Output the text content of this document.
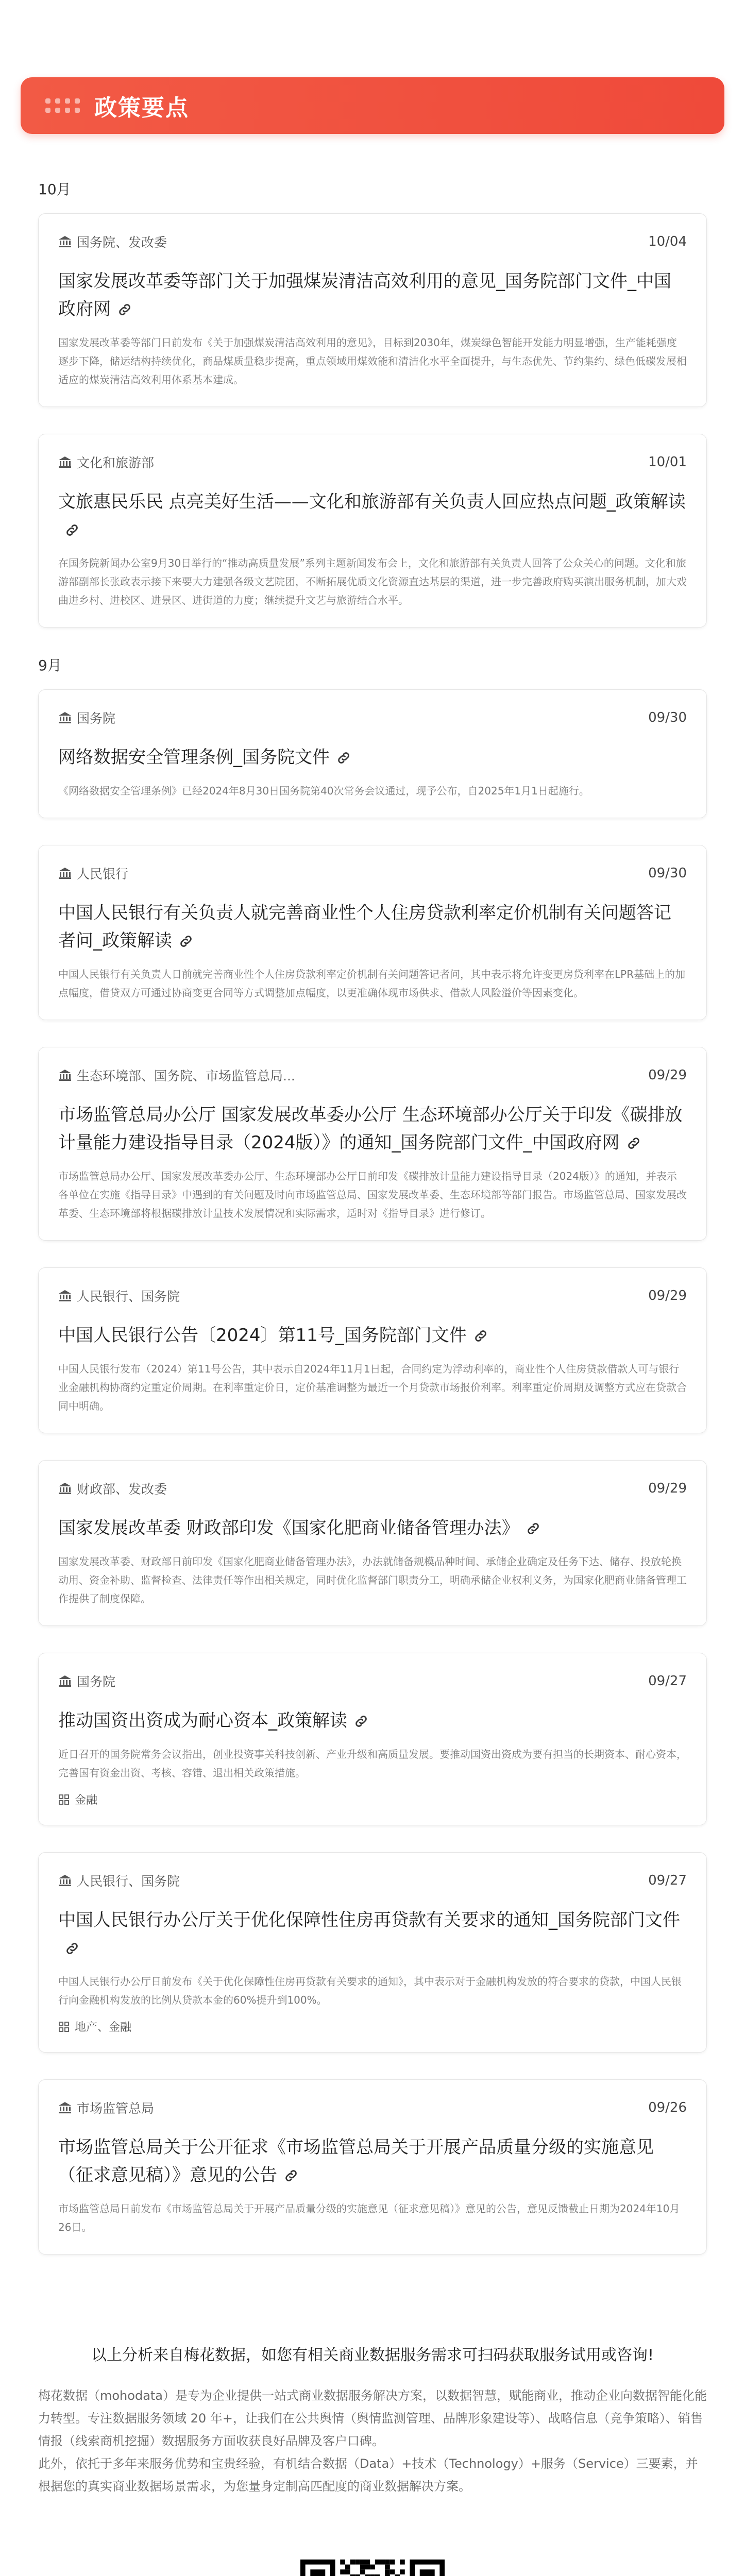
政策要点
10月
国务院、发改委	10/04
国家发展改革委等部门关于加强煤炭清洁高效利用的意见_国务院部门文件_中国政府网
国家发展改革委等部门日前发布《关于加强煤炭清洁高效利用的意见》，目标到2030年，煤炭绿色智能开发能力明显增强，生产能耗强度逐步下降，储运结构持续优化，商品煤质量稳步提高，重点领域用煤效能和清洁化水平全面提升，与生态优先、节约集约、绿色低碳发展相适应的煤炭清洁高效利用体系基本建成。
文化和旅游部	10/01
文旅惠民乐民 点亮美好生活——文化和旅游部有关负责人回应热点问题_政策解读
在国务院新闻办公室9月30日举行的“推动高质量发展”系列主题新闻发布会上，文化和旅游部有关负责人回答了公众关心的问题。文化和旅游部副部长张政表示接下来要大力建强各级文艺院团，不断拓展优质文化资源直达基层的渠道，进一步完善政府购买演出服务机制，加大戏曲进乡村、进校区、进景区、进街道的力度；继续提升文艺与旅游结合水平。
9月
国务院	09/30
网络数据安全管理条例_国务院文件
《网络数据安全管理条例》已经2024年8月30日国务院第40次常务会议通过，现予公布，自2025年1月1日起施行。
人民银行	09/30
中国人民银行有关负责人就完善商业性个人住房贷款利率定价机制有关问题答记者问_政策解读
中国人民银行有关负责人日前就完善商业性个人住房贷款利率定价机制有关问题答记者问，其中表示将允许变更房贷利率在LPR基础上的加点幅度，借贷双方可通过协商变更合同等方式调整加点幅度，以更准确体现市场供求、借款人风险溢价等因素变化。
生态环境部、国务院、市场监管总局...	09/29
市场监管总局办公厅 国家发展改革委办公厅 生态环境部办公厅关于印发《碳排放计量能力建设指导目录（2024版）》的通知_国务院部门文件_中国政府网
市场监管总局办公厅、国家发展改革委办公厅、生态环境部办公厅日前印发《碳排放计量能力建设指导目录（2024版）》的通知，并表示各单位在实施《指导目录》中遇到的有关问题及时向市场监管总局、国家发展改革委、生态环境部等部门报告。市场监管总局、国家发展改革委、生态环境部将根据碳排放计量技术发展情况和实际需求，适时对《指导目录》进行修订。
人民银行、国务院	09/29
中国人民银行公告〔2024〕第11号_国务院部门文件
中国人民银行发布（2024）第11号公告，其中表示自2024年11月1日起，合同约定为浮动利率的，商业性个人住房贷款借款人可与银行业金融机构协商约定重定价周期。在利率重定价日，定价基准调整为最近一个月贷款市场报价利率。利率重定价周期及调整方式应在贷款合同中明确。
财政部、发改委	09/29
国家发展改革委 财政部印发《国家化肥商业储备管理办法》
国家发展改革委、财政部日前印发《国家化肥商业储备管理办法》，办法就储备规模品种时间、承储企业确定及任务下达、储存、投放轮换动用、资金补助、监督检查、法律责任等作出相关规定，同时优化监督部门职责分工，明确承储企业权利义务，为国家化肥商业储备管理工作提供了制度保障。
国务院	09/27
推动国资出资成为耐心资本_政策解读
近日召开的国务院常务会议指出，创业投资事关科技创新、产业升级和高质量发展。要推动国资出资成为要有担当的长期资本、耐心资本，完善国有资金出资、考核、容错、退出相关政策措施。
金融
人民银行、国务院	09/27
中国人民银行办公厅关于优化保障性住房再贷款有关要求的通知_国务院部门文件
中国人民银行办公厅日前发布《关于优化保障性住房再贷款有关要求的通知》，其中表示对于金融机构发放的符合要求的贷款，中国人民银行向金融机构发放的比例从贷款本金的60%提升到100%。
地产、金融
市场监管总局	09/26
市场监管总局关于公开征求《市场监管总局关于开展产品质量分级的实施意见（征求意见稿）》意见的公告
市场监管总局日前发布《市场监管总局关于开展产品质量分级的实施意见（征求意见稿）》意见的公告，意见反馈截止日期为2024年10月26日。
以上分析来自梅花数据，如您有相关商业数据服务需求可扫码获取服务试用或咨询!
梅花数据（mohodata）是专为企业提供一站式商业数据服务解决方案，以数据智慧，赋能商业，推动企业向数据智能化能力转型。专注数据服务领域 20 年+，让我们在公共舆情（舆情监测管理、品牌形象建设等）、战略信息（竞争策略）、销售情报（线索商机挖掘）数据服务方面收获良好品牌及客户口碑。
此外，依托于多年来服务优势和宝贵经验，有机结合数据（Data）+技术（Technology）+服务（Service）三要素，并根据您的真实商业数据场景需求，为您量身定制高匹配度的商业数据解决方案。
